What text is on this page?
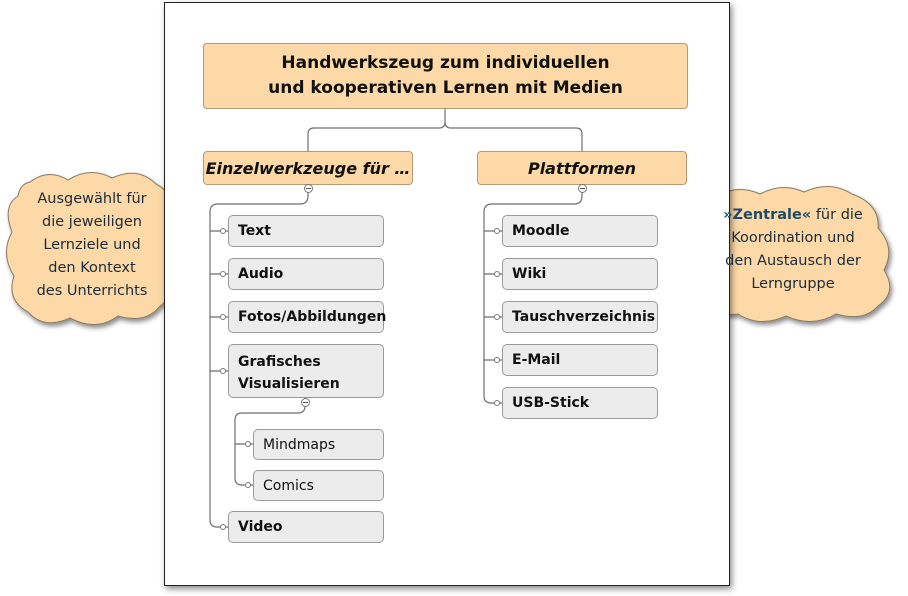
Ausgewählt für
die jeweiligen
Lernziele und
den Kontext
des Unterrichts
Handwerkszeug zum individuellen
und kooperativen Lernen mit Medien
Einzelwerkzeuge für …	Plattformen
Text
Audio
Fotos/Abbildungen
Grafisches
Visualisieren
Mindmaps
Comics
Video
Moodle
Wiki
Tauschverzeichnis
E-Mail
USB-Stick
»Zentrale« für die
Koordination und
den Austausch der
Lerngruppe
